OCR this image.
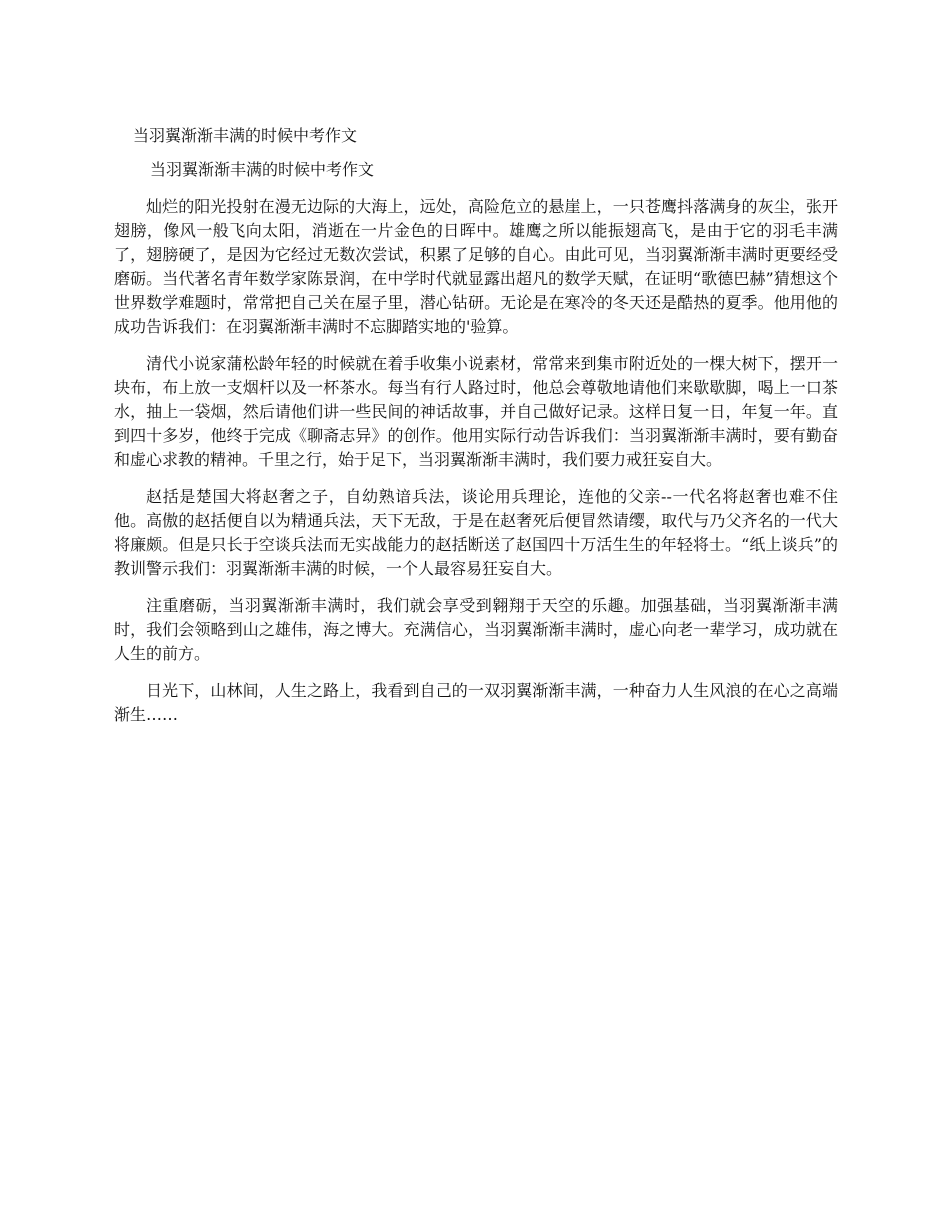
当羽翼渐渐丰满的时候中考作文

当羽翼渐渐丰满的时候中考作文

灿烂的阳光投射在漫无边际的大海上，远处，高险危立的悬崖上，一只苍鹰抖落满身的灰尘，张开翅膀，像风一般飞向太阳，消逝在一片金色的日晖中。雄鹰之所以能振翅高飞，是由于它的羽毛丰满了，翅膀硬了，是因为它经过无数次尝试，积累了足够的自心。由此可见，当羽翼渐渐丰满时更要经受磨砺。当代著名青年数学家陈景润，在中学时代就显露出超凡的数学天赋，在证明“歌德巴赫”猜想这个世界数学难题时，常常把自己关在屋子里，潜心钻研。无论是在寒冷的冬天还是酷热的夏季。他用他的成功告诉我们：在羽翼渐渐丰满时不忘脚踏实地的'验算。

清代小说家蒲松龄年轻的时候就在着手收集小说素材，常常来到集市附近处的一棵大树下，摆开一块布，布上放一支烟杆以及一杯茶水。每当有行人路过时，他总会尊敬地请他们来歇歇脚，喝上一口茶水，抽上一袋烟，然后请他们讲一些民间的神话故事，并自己做好记录。这样日复一日，年复一年。直到四十多岁，他终于完成《聊斋志异》的创作。他用实际行动告诉我们：当羽翼渐渐丰满时，要有勤奋和虚心求教的精神。千里之行，始于足下，当羽翼渐渐丰满时，我们要力戒狂妄自大。

赵括是楚国大将赵奢之子，自幼熟谙兵法，谈论用兵理论，连他的父亲--一代名将赵奢也难不住他。高傲的赵括便自以为精通兵法，天下无敌，于是在赵奢死后便冒然请缨，取代与乃父齐名的一代大将廉颇。但是只长于空谈兵法而无实战能力的赵括断送了赵国四十万活生生的年轻将士。“纸上谈兵”的教训警示我们：羽翼渐渐丰满的时候，一个人最容易狂妄自大。

注重磨砺，当羽翼渐渐丰满时，我们就会享受到翱翔于天空的乐趣。加强基础，当羽翼渐渐丰满时，我们会领略到山之雄伟，海之博大。充满信心，当羽翼渐渐丰满时，虚心向老一辈学习，成功就在人生的前方。

日光下，山林间，人生之路上，我看到自己的一双羽翼渐渐丰满，一种奋力人生风浪的在心之高端渐生……
